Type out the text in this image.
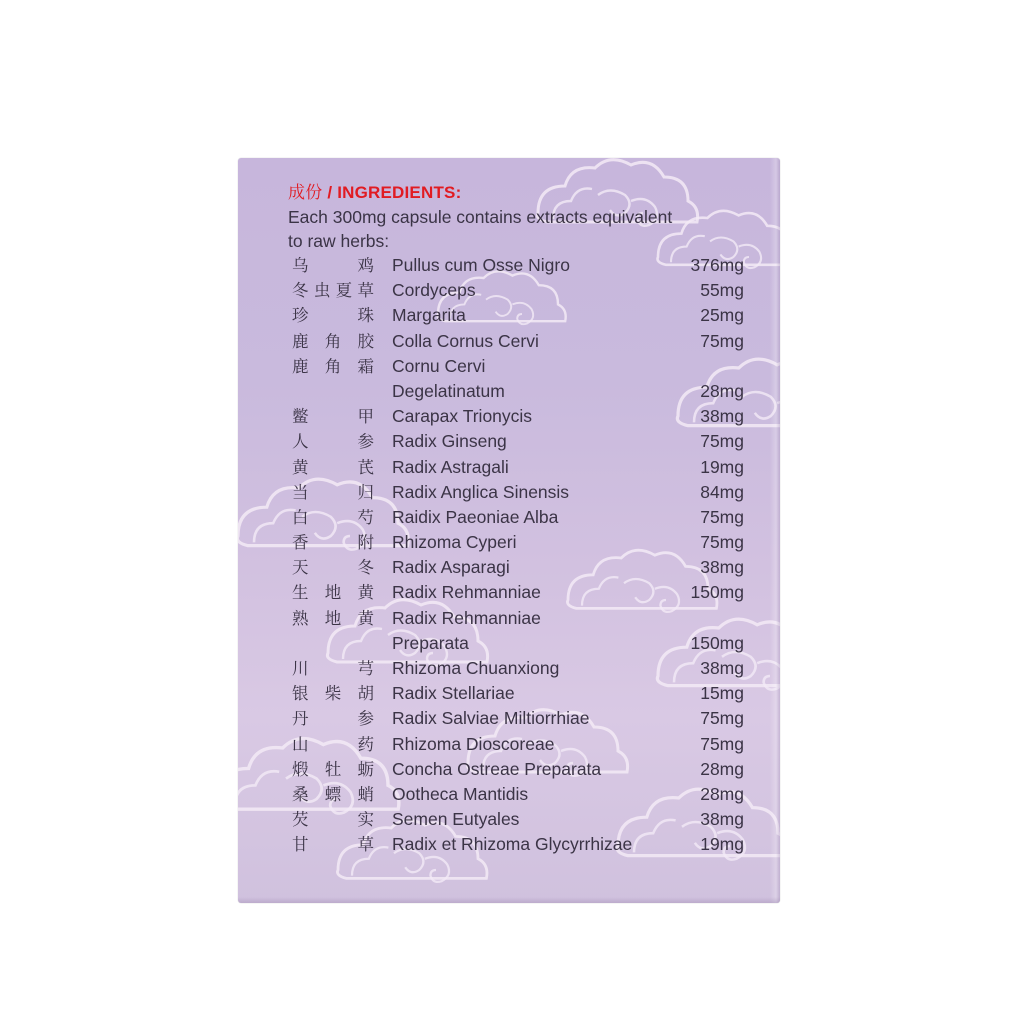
成份 / INGREDIENTS:
Each 300mg capsule contains extracts equivalent
to raw herbs:
乌	鸡 Pullus cum Osse Nigro	376mg
冬 虫 夏 草 Cordyceps	55mg
珍	珠 Margarita	25mg
鹿 角 胶 Colla Cornus Cervi	75mg
鹿 角 霜 Cornu Cervi
Degelatinatum	28mg
鳖	甲 Carapax Trionycis	38mg
人	参 Radix Ginseng	75mg
黄	芪 Radix Astragali	19mg
当	归 Radix Anglica Sinensis	84mg
白	芍 Raidix Paeoniae Alba	75mg
香	附 Rhizoma Cyperi	75mg
天	冬 Radix Asparagi	38mg
生 地 黄 Radix Rehmanniae	150mg
熟 地 黄 Radix Rehmanniae
Preparata	150mg
川	芎 Rhizoma Chuanxiong	38mg
银 柴 胡 Radix Stellariae	15mg
丹	参 Radix Salviae Miltiorrhiae	75mg
山	药 Rhizoma Dioscoreae	75mg
煅 牡 蛎 Concha Ostreae Preparata	28mg
桑 螵 蛸 Ootheca Mantidis	28mg
芡	实 Semen Eutyales	38mg
甘	草 Radix et Rhizoma Glycyrrhizae	19mg
